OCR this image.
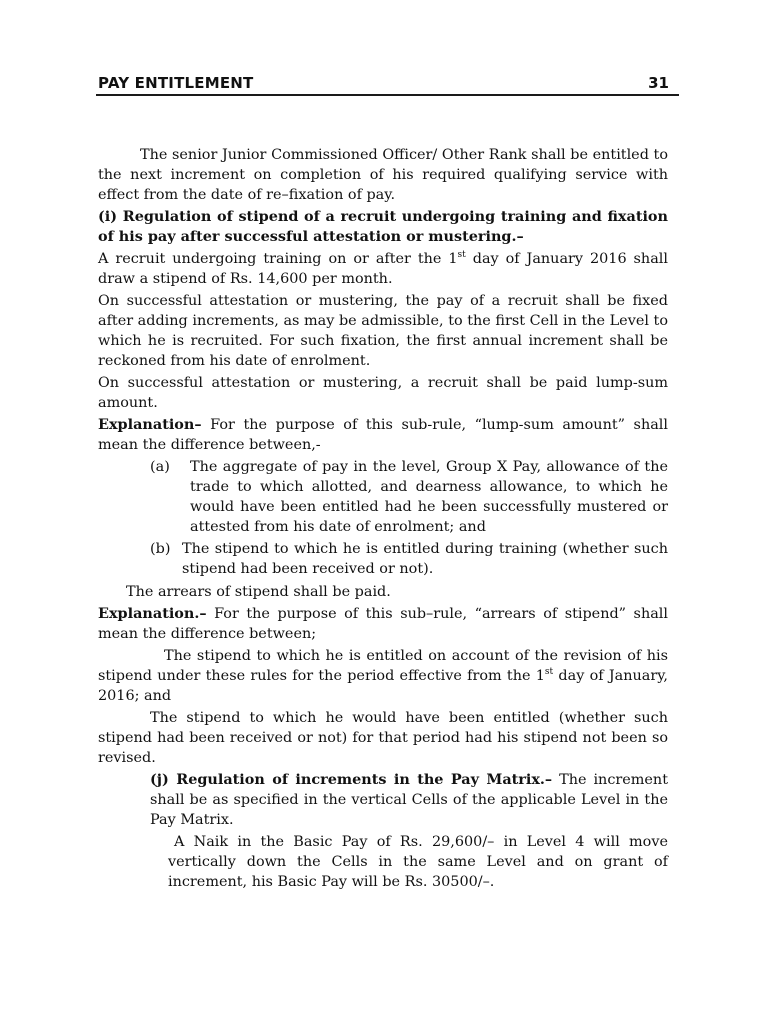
PAY ENTITLEMENT	31

The senior Junior Commissioned Officer/ Other Rank shall be entitled to the next increment on completion of his required qualifying service with effect from the date of re–fixation of pay.

(i) Regulation of stipend of a recruit undergoing training and fixation of his pay after successful attestation or mustering.–

A recruit undergoing training on or after the 1st day of January 2016 shall draw a stipend of Rs. 14,600 per month.

On successful attestation or mustering, the pay of a recruit shall be fixed after adding increments, as may be admissible, to the first Cell in the Level to which he is recruited. For such fixation, the first annual increment shall be reckoned from his date of enrolment.

On successful attestation or mustering, a recruit shall be paid lump-sum amount.

Explanation– For the purpose of this sub-rule, “lump-sum amount” shall mean the difference between,-

(a) The aggregate of pay in the level, Group X Pay, allowance of the trade to which allotted, and dearness allowance, to which he would have been entitled had he been successfully mustered or attested from his date of enrolment; and
(b) The stipend to which he is entitled during training (whether such stipend had been received or not).

The arrears of stipend shall be paid.

Explanation.– For the purpose of this sub–rule, “arrears of stipend” shall mean the difference between;

The stipend to which he is entitled on account of the revision of his stipend under these rules for the period effective from the 1st day of January, 2016; and

The stipend to which he would have been entitled (whether such stipend had been received or not) for that period had his stipend not been so revised.

(j) Regulation of increments in the Pay Matrix.– The increment shall be as specified in the vertical Cells of the applicable Level in the Pay Matrix.

A Naik in the Basic Pay of Rs. 29,600/– in Level 4 will move vertically down the Cells in the same Level and on grant of increment, his Basic Pay will be Rs. 30500/–.
